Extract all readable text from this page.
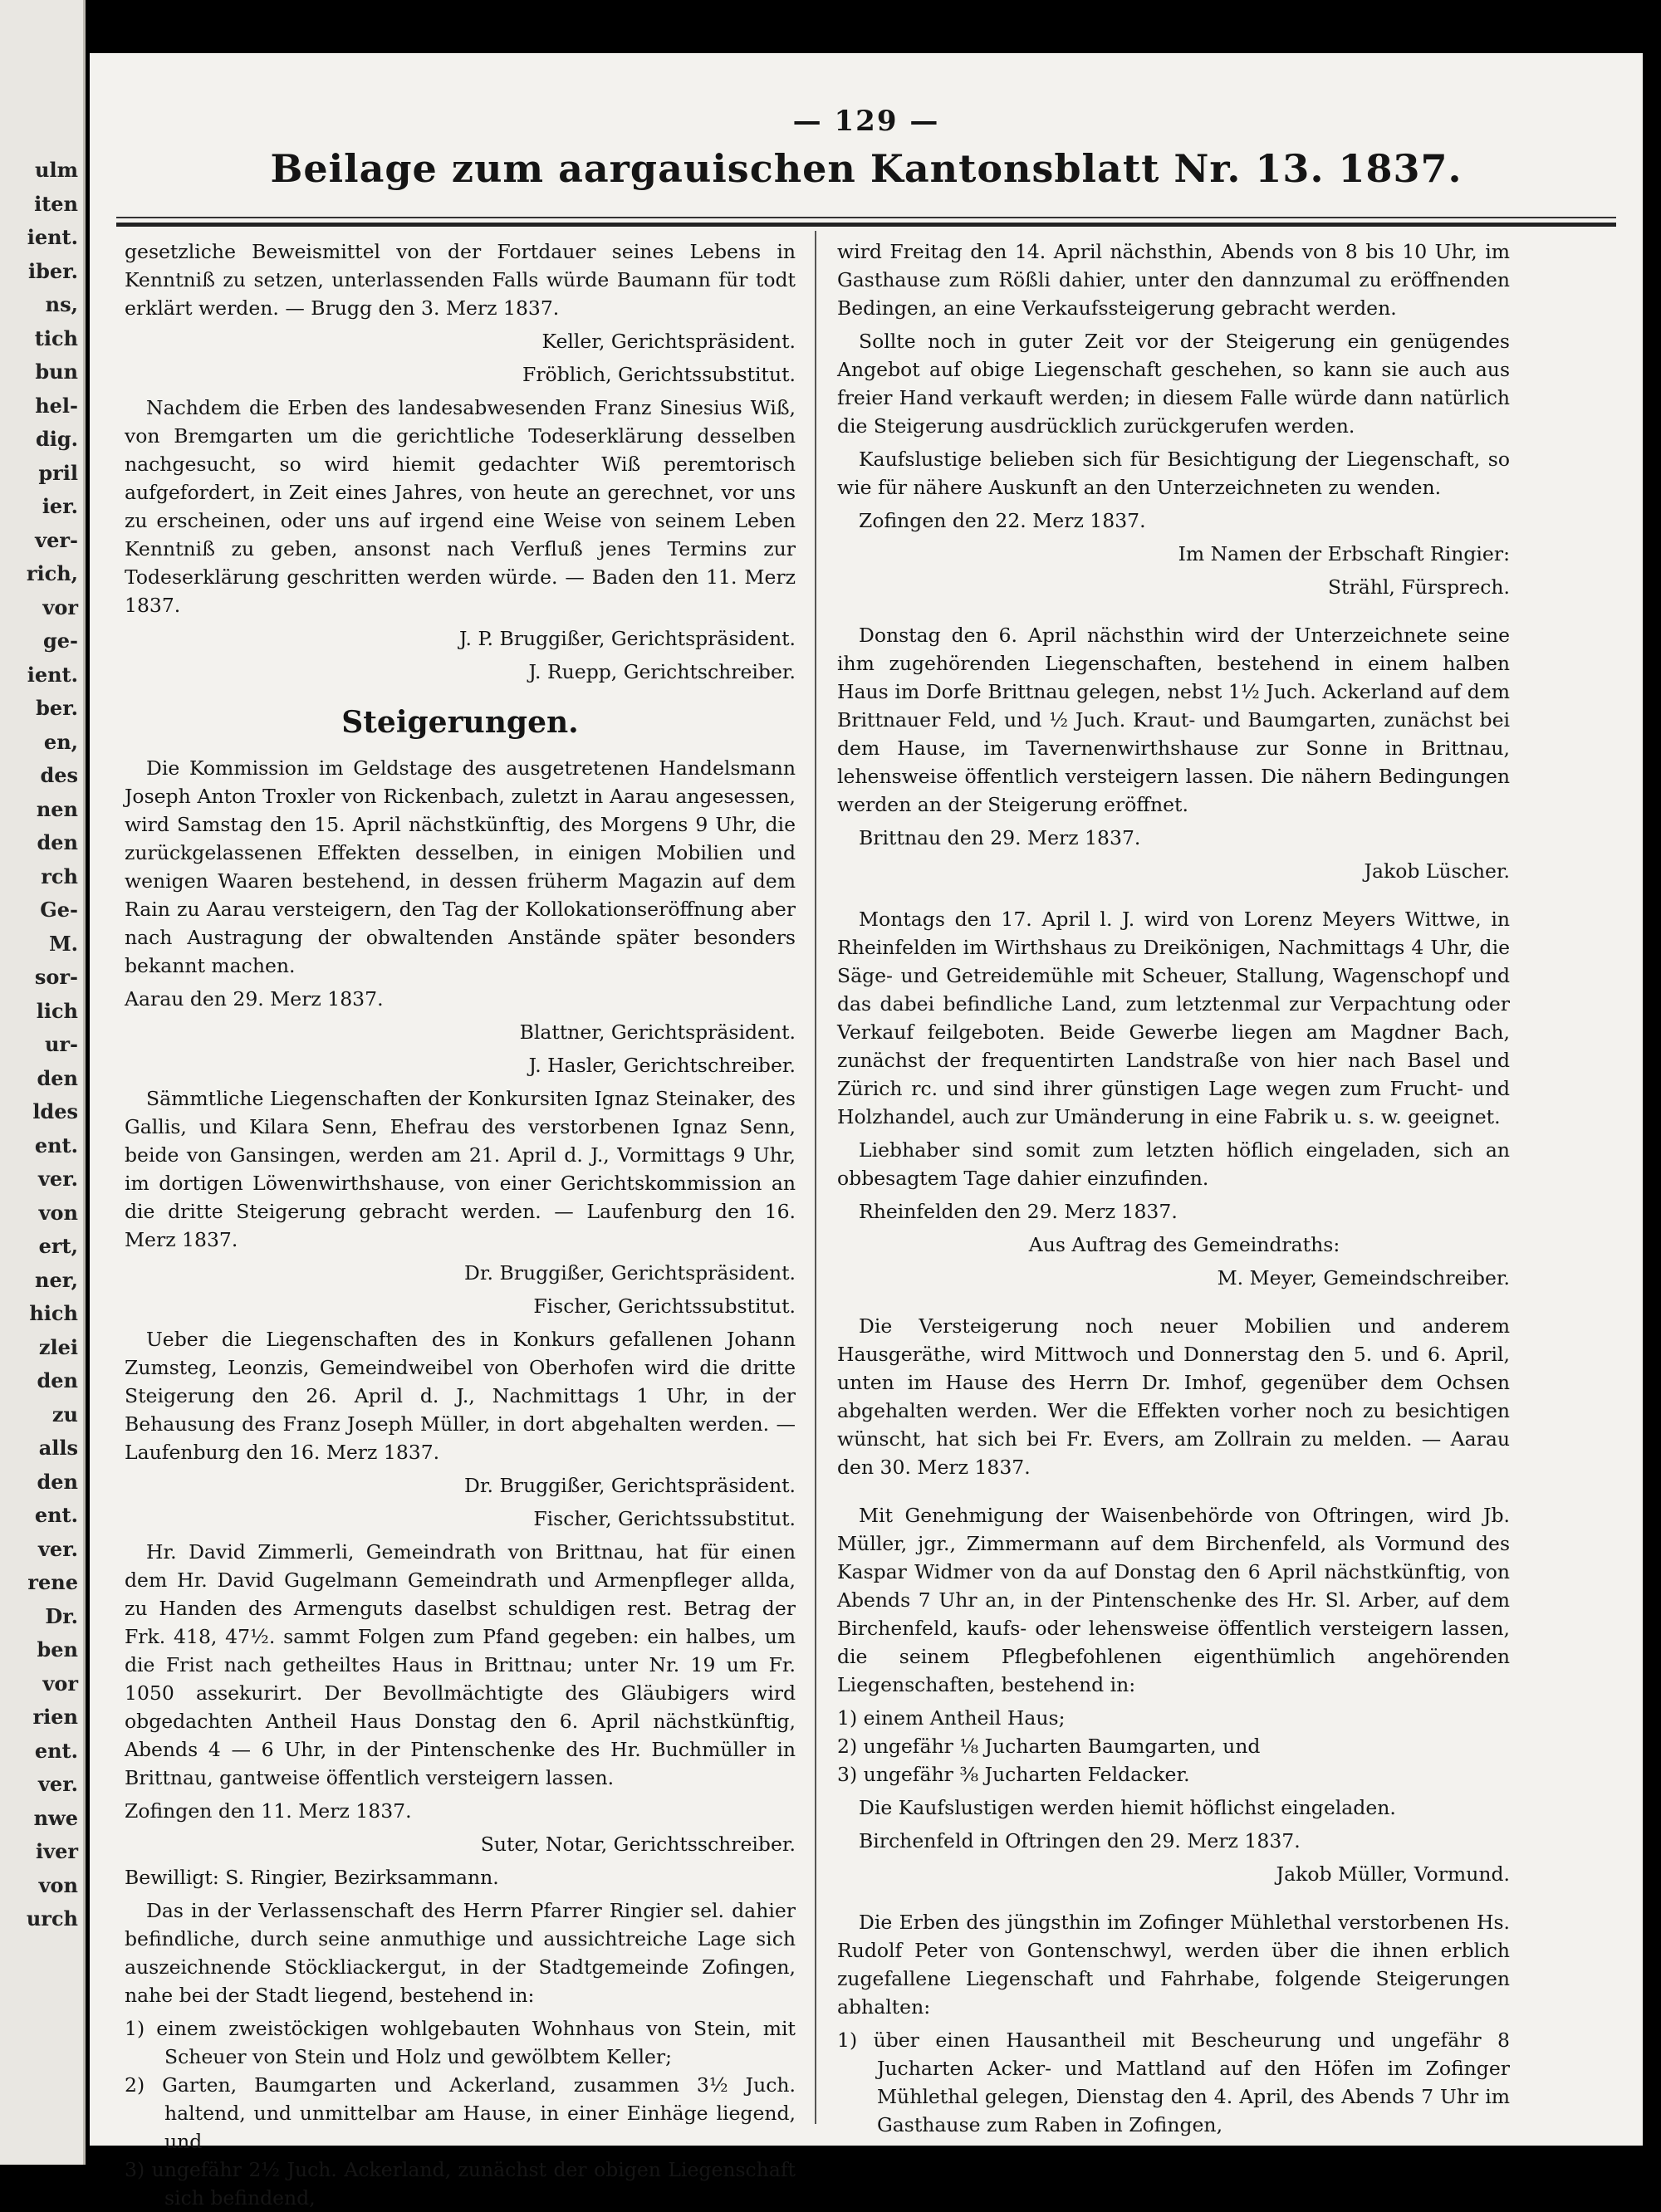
ulm
iten
ient.
iber.
ns,
tich
bun
hel-
dig.
pril
ier.
ver-
rich,
vor
ge-
ient.
ber.
en,
des
nen
den
rch
Ge-
M.
sor-
lich
ur-
den
ldes
ent.
ver.
von
ert,
ner,
hich
zlei
den
zu
alls
den
ent.
ver.
rene
Dr.
ben
vor
rien
ent.
ver.
nwe
iver
von
urch
— 129 —
Beilage zum aargauischen Kantonsblatt Nr. 13. 1837.

gesetzliche Beweismittel von der Fortdauer seines Lebens in Kenntniß zu setzen, unterlassenden Falls würde Baumann für todt erklärt werden. — Brugg den 3. Merz 1837.

Keller, Gerichtspräsident.

Fröblich, Gerichtssubstitut.

Nachdem die Erben des landesabwesenden Franz Sinesius Wiß, von Bremgarten um die gerichtliche Todeserklärung desselben nachgesucht, so wird hiemit gedachter Wiß peremtorisch aufgefordert, in Zeit eines Jahres, von heute an gerechnet, vor uns zu erscheinen, oder uns auf irgend eine Weise von seinem Leben Kenntniß zu geben, ansonst nach Verfluß jenes Termins zur Todeserklärung geschritten werden würde. — Baden den 11. Merz 1837.

J. P. Bruggißer, Gerichtspräsident.

J. Ruepp, Gerichtschreiber.

Steigerungen.

Die Kommission im Geldstage des ausgetretenen Handelsmann Joseph Anton Troxler von Rickenbach, zuletzt in Aarau angesessen, wird Samstag den 15. April nächstkünftig, des Morgens 9 Uhr, die zurückgelassenen Effekten desselben, in einigen Mobilien und wenigen Waaren bestehend, in dessen früherm Magazin auf dem Rain zu Aarau versteigern, den Tag der Kollokationseröffnung aber nach Austragung der obwaltenden Anstände später besonders bekannt machen.

Aarau den 29. Merz 1837.

Blattner, Gerichtspräsident.

J. Hasler, Gerichtschreiber.

Sämmtliche Liegenschaften der Konkursiten Ignaz Steinaker, des Gallis, und Kilara Senn, Ehefrau des verstorbenen Ignaz Senn, beide von Gansingen, werden am 21. April d. J., Vormittags 9 Uhr, im dortigen Löwenwirthshause, von einer Gerichtskommission an die dritte Steigerung gebracht werden. — Laufenburg den 16. Merz 1837.

Dr. Bruggißer, Gerichtspräsident.

Fischer, Gerichtssubstitut.

Ueber die Liegenschaften des in Konkurs gefallenen Johann Zumsteg, Leonzis, Gemeindweibel von Oberhofen wird die dritte Steigerung den 26. April d. J., Nachmittags 1 Uhr, in der Behausung des Franz Joseph Müller, in dort abgehalten werden. — Laufenburg den 16. Merz 1837.

Dr. Bruggißer, Gerichtspräsident.

Fischer, Gerichtssubstitut.

Hr. David Zimmerli, Gemeindrath von Brittnau, hat für einen dem Hr. David Gugelmann Gemeindrath und Armenpfleger allda, zu Handen des Armenguts daselbst schuldigen rest. Betrag der Frk. 418, 47½. sammt Folgen zum Pfand gegeben: ein halbes, um die Frist nach getheiltes Haus in Brittnau; unter Nr. 19 um Fr. 1050 assekurirt. Der Bevollmächtigte des Gläubigers wird obgedachten Antheil Haus Donstag den 6. April nächstkünftig, Abends 4 — 6 Uhr, in der Pintenschenke des Hr. Buchmüller in Brittnau, gantweise öffentlich versteigern lassen.

Zofingen den 11. Merz 1837.

Suter, Notar, Gerichtsschreiber.

Bewilligt: S. Ringier, Bezirksammann.

Das in der Verlassenschaft des Herrn Pfarrer Ringier sel. dahier befindliche, durch seine anmuthige und aussichtreiche Lage sich auszeichnende Stöckliackergut, in der Stadtgemeinde Zofingen, nahe bei der Stadt liegend, bestehend in:

1) einem zweistöckigen wohlgebauten Wohnhaus von Stein, mit Scheuer von Stein und Holz und gewölbtem Keller;
2) Garten, Baumgarten und Ackerland, zusammen 3½ Juch. haltend, und unmittelbar am Hause, in einer Einhäge liegend, und
3) ungefähr 2½ Juch. Ackerland, zunächst der obigen Liegenschaft sich befindend,

wird Freitag den 14. April nächsthin, Abends von 8 bis 10 Uhr, im Gasthause zum Rößli dahier, unter den dannzumal zu eröffnenden Bedingen, an eine Verkaufssteigerung gebracht werden.

Sollte noch in guter Zeit vor der Steigerung ein genügendes Angebot auf obige Liegenschaft geschehen, so kann sie auch aus freier Hand verkauft werden; in diesem Falle würde dann natürlich die Steigerung ausdrücklich zurückgerufen werden.

Kaufslustige belieben sich für Besichtigung der Liegenschaft, so wie für nähere Auskunft an den Unterzeichneten zu wenden.

Zofingen den 22. Merz 1837.

Im Namen der Erbschaft Ringier:

Strähl, Fürsprech.

Donstag den 6. April nächsthin wird der Unterzeichnete seine ihm zugehörenden Liegenschaften, bestehend in einem halben Haus im Dorfe Brittnau gelegen, nebst 1½ Juch. Ackerland auf dem Brittnauer Feld, und ½ Juch. Kraut- und Baumgarten, zunächst bei dem Hause, im Tavernenwirthshause zur Sonne in Brittnau, lehensweise öffentlich versteigern lassen. Die nähern Bedingungen werden an der Steigerung eröffnet.

Brittnau den 29. Merz 1837.

Jakob Lüscher.

Montags den 17. April l. J. wird von Lorenz Meyers Wittwe, in Rheinfelden im Wirthshaus zu Dreikönigen, Nachmittags 4 Uhr, die Säge- und Getreidemühle mit Scheuer, Stallung, Wagenschopf und das dabei befindliche Land, zum letztenmal zur Verpachtung oder Verkauf feilgeboten. Beide Gewerbe liegen am Magdner Bach, zunächst der frequentirten Landstraße von hier nach Basel und Zürich rc. und sind ihrer günstigen Lage wegen zum Frucht- und Holzhandel, auch zur Umänderung in eine Fabrik u. s. w. geeignet.

Liebhaber sind somit zum letzten höflich eingeladen, sich an obbesagtem Tage dahier einzufinden.

Rheinfelden den 29. Merz 1837.

Aus Auftrag des Gemeindraths:

M. Meyer, Gemeindschreiber.

Die Versteigerung noch neuer Mobilien und anderem Hausgeräthe, wird Mittwoch und Donnerstag den 5. und 6. April, unten im Hause des Herrn Dr. Imhof, gegenüber dem Ochsen abgehalten werden. Wer die Effekten vorher noch zu besichtigen wünscht, hat sich bei Fr. Evers, am Zollrain zu melden. — Aarau den 30. Merz 1837.

Mit Genehmigung der Waisenbehörde von Oftringen, wird Jb. Müller, jgr., Zimmermann auf dem Birchenfeld, als Vormund des Kaspar Widmer von da auf Donstag den 6 April nächstkünftig, von Abends 7 Uhr an, in der Pintenschenke des Hr. Sl. Arber, auf dem Birchenfeld, kaufs- oder lehensweise öffentlich versteigern lassen, die seinem Pflegbefohlenen eigenthümlich angehörenden Liegenschaften, bestehend in:

1) einem Antheil Haus;
2) ungefähr ⅛ Jucharten Baumgarten, und
3) ungefähr ⅜ Jucharten Feldacker.

Die Kaufslustigen werden hiemit höflichst eingeladen.

Birchenfeld in Oftringen den 29. Merz 1837.

Jakob Müller, Vormund.

Die Erben des jüngsthin im Zofinger Mühlethal verstorbenen Hs. Rudolf Peter von Gontenschwyl, werden über die ihnen erblich zugefallene Liegenschaft und Fahrhabe, folgende Steigerungen abhalten:

1) über einen Hausantheil mit Bescheurung und ungefähr 8 Jucharten Acker- und Mattland auf den Höfen im Zofinger Mühlethal gelegen, Dienstag den 4. April, des Abends 7 Uhr im Gasthause zum Raben in Zofingen,
